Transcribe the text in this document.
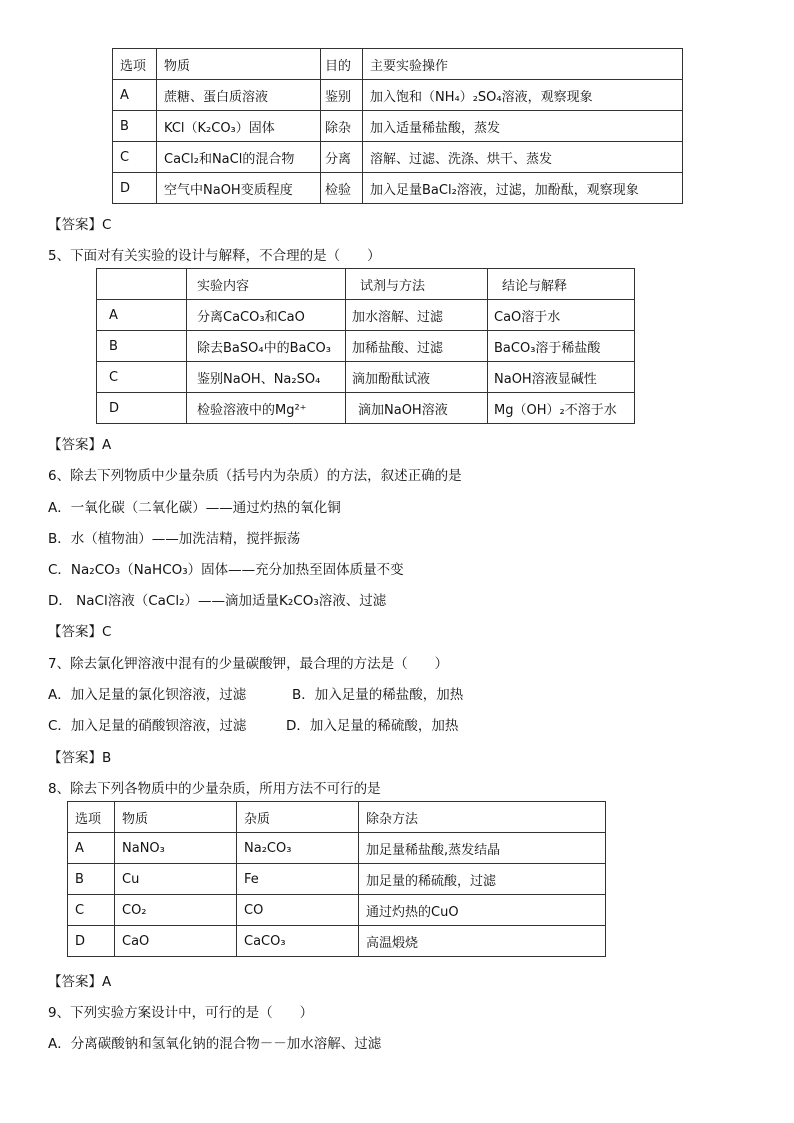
选项	物质	目的	主要实验操作
A	蔗糖、蛋白质溶液	鉴别	加入饱和（NH₄）₂SO₄溶液，观察现象
B	KCl（K₂CO₃）固体	除杂	加入适量稀盐酸，蒸发
C	CaCl₂和NaCl的混合物	分离	溶解、过滤、洗涤、烘干、蒸发
D	空气中NaOH变质程度	检验	加入足量BaCl₂溶液，过滤，加酚酞，观察现象
【答案】C
5、下面对有关实验的设计与解释，不合理的是（　　）
	实验内容	试剂与方法	结论与解释
A	分离CaCO₃和CaO	加水溶解、过滤	CaO溶于水
B	除去BaSO₄中的BaCO₃	加稀盐酸、过滤	BaCO₃溶于稀盐酸
C	鉴别NaOH、Na₂SO₄	滴加酚酞试液	NaOH溶液显碱性
D	检验溶液中的Mg²⁺	滴加NaOH溶液	Mg（OH）₂不溶于水
【答案】A
6、除去下列物质中少量杂质（括号内为杂质）的方法，叙述正确的是
A．一氧化碳（二氧化碳）——通过灼热的氧化铜
B．水（植物油）——加洗洁精，搅拌振荡
C．Na₂CO₃（NaHCO₃）固体——充分加热至固体质量不变
D． NaCl溶液（CaCl₂）——滴加适量K₂CO₃溶液、过滤
【答案】C
7、除去氯化钾溶液中混有的少量碳酸钾，最合理的方法是（　　）
A．加入足量的氯化钡溶液，过滤	B．加入足量的稀盐酸，加热
C．加入足量的硝酸钡溶液，过滤	D．加入足量的稀硫酸，加热
【答案】B
8、除去下列各物质中的少量杂质，所用方法不可行的是
选项	物质	杂质	除杂方法
A	NaNO₃	Na₂CO₃	加足量稀盐酸,蒸发结晶
B	Cu	Fe	加足量的稀硫酸，过滤
C	CO₂	CO	通过灼热的CuO
D	CaO	CaCO₃	高温煅烧
【答案】A
9、下列实验方案设计中，可行的是（　　）
A．分离碳酸钠和氢氧化钠的混合物－－加水溶解、过滤
